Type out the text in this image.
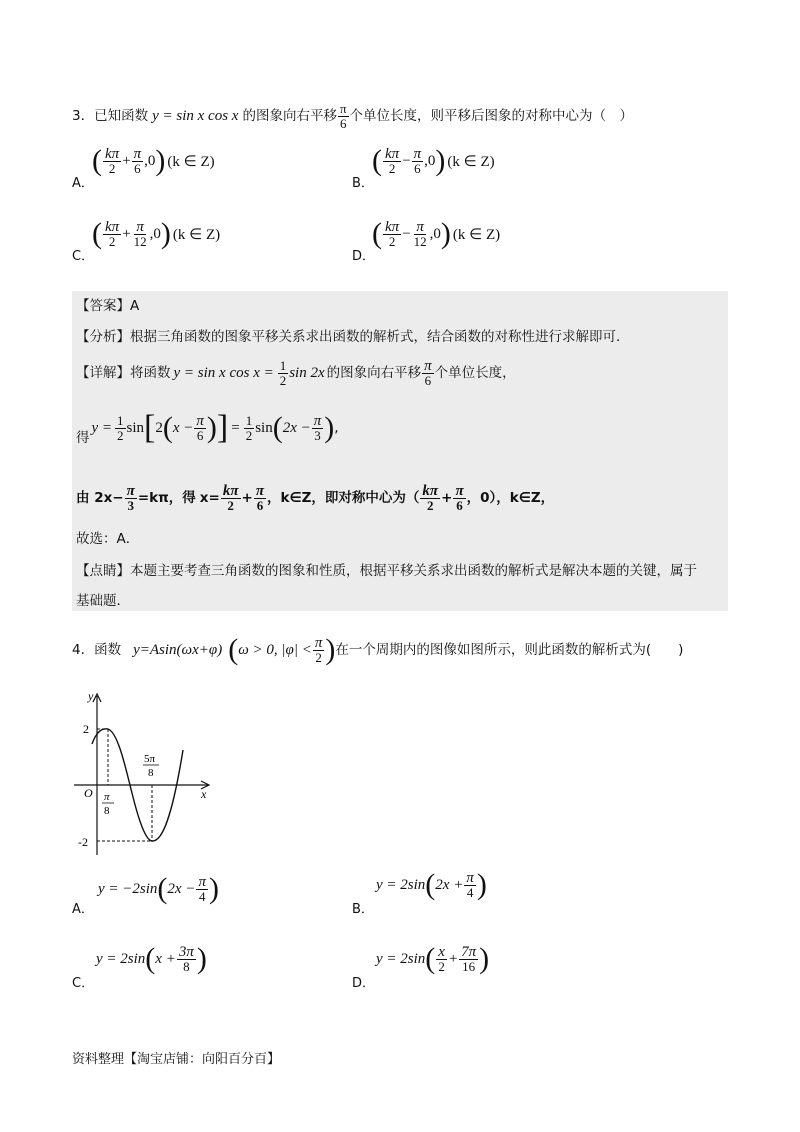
3． 已知函数 y = sin x cos x 的图象向右平移 $\frac{\pi}{6}$ 个单位长度，则平移后图象的对称中心为（　）
A．
( $\frac{k\pi}{2} + \frac{\pi}{6} ,0$ ) (k ∈ Z)
B．
( $\frac{k\pi}{2} - \frac{\pi}{6} ,0$ ) (k ∈ Z)
C．
( $\frac{k\pi}{2} + \frac{\pi}{12} ,0$ ) (k ∈ Z)
D．
( $\frac{k\pi}{2} - \frac{\pi}{12} ,0$ ) (k ∈ Z)
【答案】A
【分析】根据三角函数的图象平移关系求出函数的解析式，结合函数的对称性进行求解即可．
【详解】将函数 y = sin x $\cos x = \frac{1}{2}$ sin 2x 的图象向右平移 $\frac{\pi}{6}$ 个单位长度，
得
$y = \frac{1}{2}$ sin [ 2 ( $x - \frac{\pi}{6}$ ) ] = $\frac{1}{2}$ sin ( $2x - \frac{\pi}{3}$ ) ,
由 $2x- \frac{\pi}{3} =k\pi$，得 $x= \frac{k\pi}{2} + \frac{\pi}{6}$ ，k∈Z，即对称中心为（ $\frac{k\pi}{2} + \frac{\pi}{6}$ ，0），k∈Z，
故选：A．
【点睛】本题主要考查三角函数的图象和性质，根据平移关系求出函数的解析式是解决本题的关键，属于
基础题．
4． 函数 y=Asin(ωx+φ) ( ω > 0, $|\varphi| < \frac{\pi}{2}$ ) 在一个周期内的图像如图所示，则此函数的解析式为(　　)
y
x
O
2
-2
π
8
5π
8
A．
y = −2sin ( $2x - \frac{\pi}{4}$ )
B．
y = 2sin ( $2x + \frac{\pi}{4}$ )
C．
y = 2sin ( $x + \frac{3\pi}{8}$ )
D．
y = 2sin ( $\frac{x}{2} + \frac{7\pi}{16}$ )
资料整理【淘宝店铺：向阳百分百】
